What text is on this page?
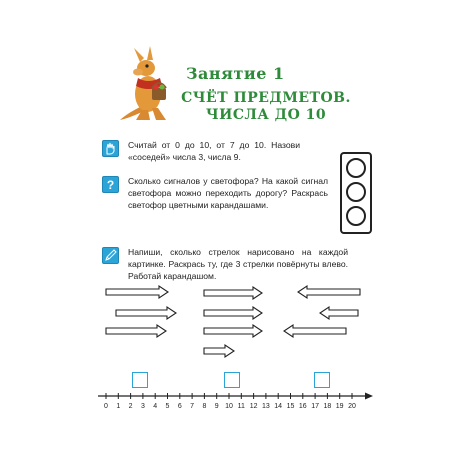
Занятие 1
СЧЁТ ПРЕДМЕТОВ.
ЧИСЛА ДО 10
Считай от 0 до 10, от 7 до 10. Назови «соседей» числа 3, числа 9.
? Сколько сигналов у светофора? На какой сигнал светофора можно переходить дорогу? Раскрась светофор цветными карандашами.
Напиши, сколько стрелок нарисовано на каждой картинке. Раскрась ту, где 3 стрелки повёрнуты влево. Работай карандашом.
0 1 2 3 4 5 6 7 8 9 10 11 12 13 14 15 16 17 18 19 20
